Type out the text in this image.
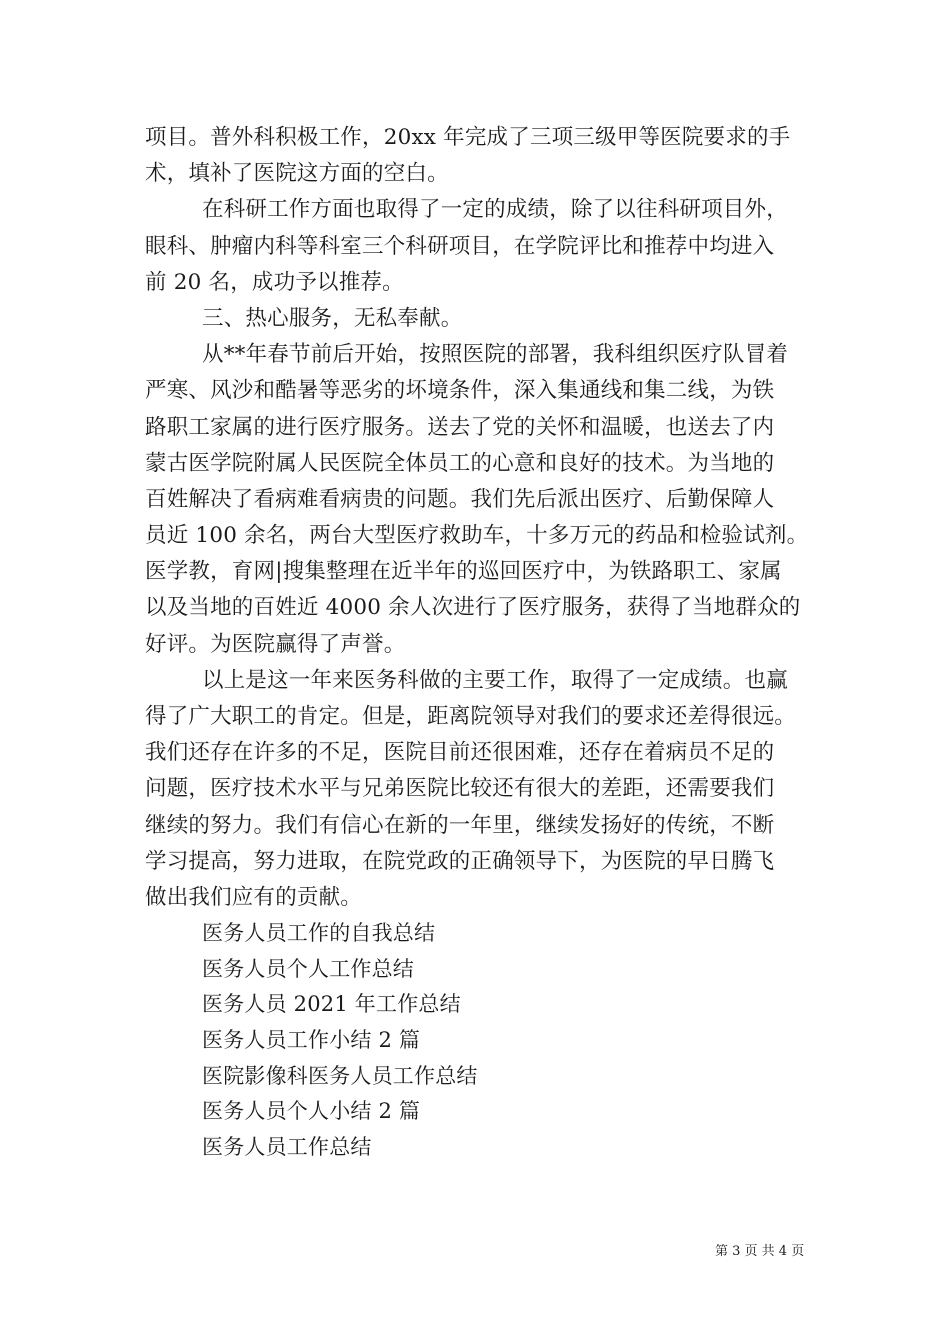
项目。普外科积极工作，20xx 年完成了三项三级甲等医院要求的手
术，填补了医院这方面的空白。
在科研工作方面也取得了一定的成绩，除了以往科研项目外，
眼科、肿瘤内科等科室三个科研项目，在学院评比和推荐中均进入
前 20 名，成功予以推荐。
三、热心服务，无私奉献。
从**年春节前后开始，按照医院的部署，我科组织医疗队冒着
严寒、风沙和酷暑等恶劣的坏境条件，深入集通线和集二线，为铁
路职工家属的进行医疗服务。送去了党的关怀和温暖，也送去了内
蒙古医学院附属人民医院全体员工的心意和良好的技术。为当地的
百姓解决了看病难看病贵的问题。我们先后派出医疗、后勤保障人
员近 100 余名，两台大型医疗救助车，十多万元的药品和检验试剂。
医学教，育网|搜集整理在近半年的巡回医疗中，为铁路职工、家属
以及当地的百姓近 4000 余人次进行了医疗服务，获得了当地群众的
好评。为医院赢得了声誉。
以上是这一年来医务科做的主要工作，取得了一定成绩。也赢
得了广大职工的肯定。但是，距离院领导对我们的要求还差得很远。
我们还存在许多的不足，医院目前还很困难，还存在着病员不足的
问题，医疗技术水平与兄弟医院比较还有很大的差距，还需要我们
继续的努力。我们有信心在新的一年里，继续发扬好的传统，不断
学习提高，努力进取，在院党政的正确领导下，为医院的早日腾飞
做出我们应有的贡献。
医务人员工作的自我总结
医务人员个人工作总结
医务人员 2021 年工作总结
医务人员工作小结 2 篇
医院影像科医务人员工作总结
医务人员个人小结 2 篇
医务人员工作总结
第 3 页 共 4 页
